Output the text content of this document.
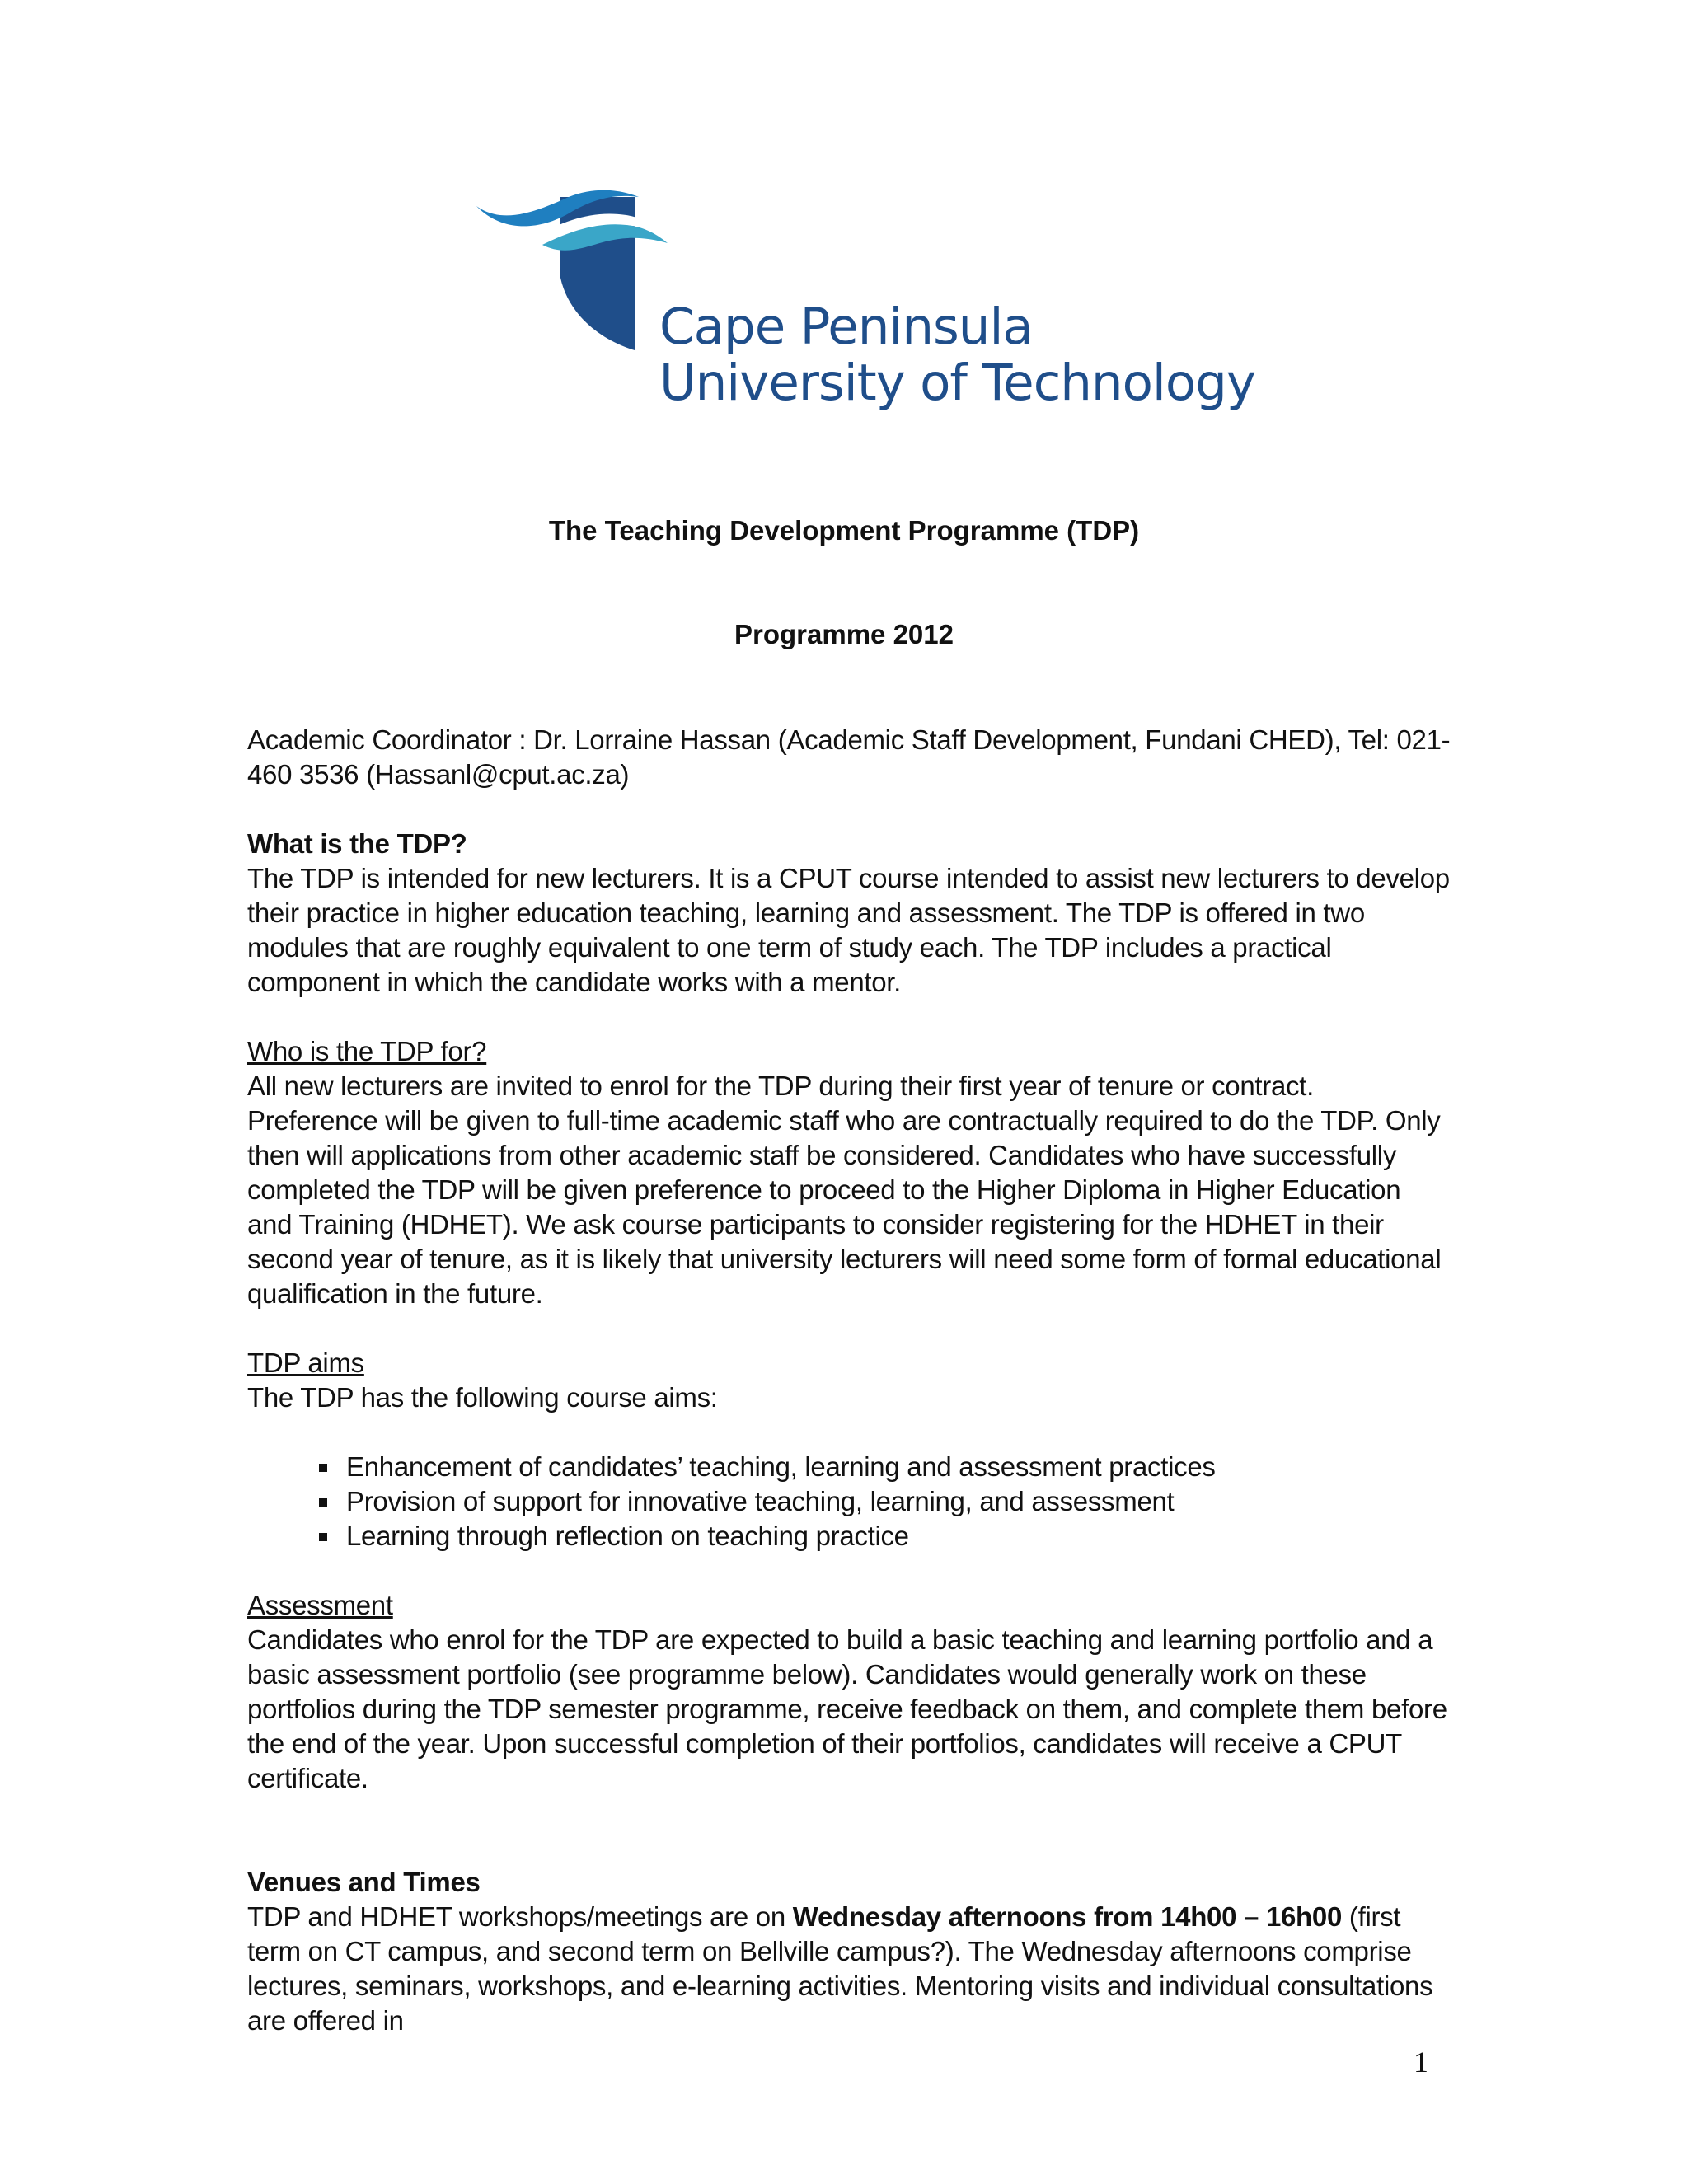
Cape Peninsula
University of Technology
The Teaching Development Programme (TDP)
Programme 2012

Academic Coordinator : Dr. Lorraine Hassan (Academic Staff Development, Fundani CHED), Tel: 021-460 3536 (Hassanl@cput.ac.za)

What is the TDP?

The TDP is intended for new lecturers. It is a CPUT course intended to assist new lecturers to develop their practice in higher education teaching, learning and assessment. The TDP is offered in two modules that are roughly equivalent to one term of study each. The TDP includes a practical component in which the candidate works with a mentor.

Who is the TDP for?

All new lecturers are invited to enrol for the TDP during their first year of tenure or contract. Preference will be given to full-time academic staff who are contractually required to do the TDP. Only then will applications from other academic staff be considered. Candidates who have successfully completed the TDP will be given preference to proceed to the Higher Diploma in Higher Education and Training (HDHET). We ask course participants to consider registering for the HDHET in their second year of tenure, as it is likely that university lecturers will need some form of formal educational qualification in the future.

TDP aims

The TDP has the following course aims:

Enhancement of candidates’ teaching, learning and assessment practices
Provision of support for innovative teaching, learning, and assessment
Learning through reflection on teaching practice

Assessment

Candidates who enrol for the TDP are expected to build a basic teaching and learning portfolio and a basic assessment portfolio (see programme below). Candidates would generally work on these portfolios during the TDP semester programme, receive feedback on them, and complete them before the end of the year. Upon successful completion of their portfolios, candidates will receive a CPUT certificate.

Venues and Times

TDP and HDHET workshops/meetings are on Wednesday afternoons from 14h00 – 16h00 (first term on CT campus, and second term on Bellville campus?). The Wednesday afternoons comprise lectures, seminars, workshops, and e-learning activities. Mentoring visits and individual consultations are offered in

1
